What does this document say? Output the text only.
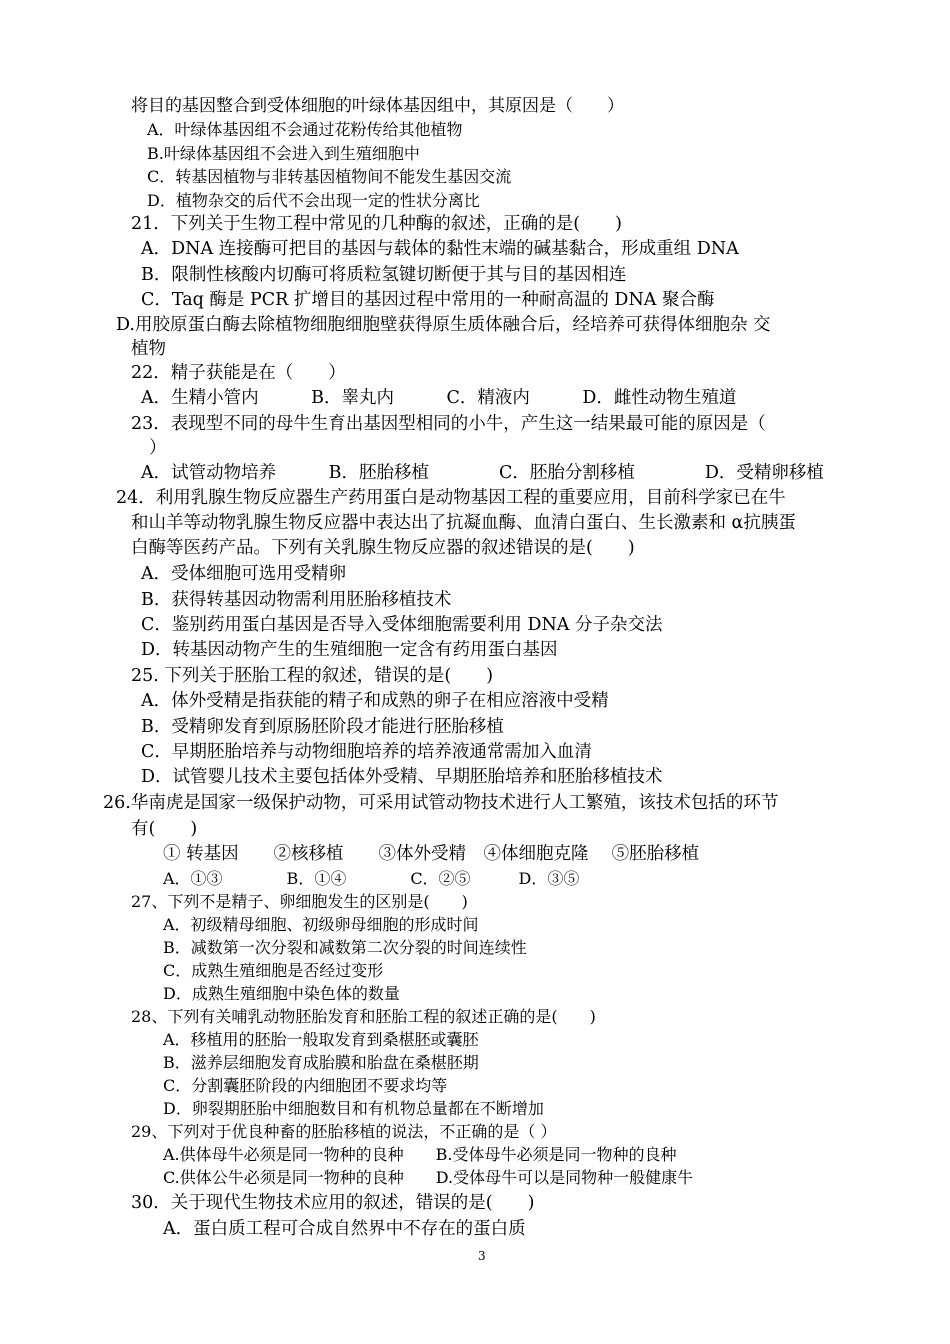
将目的基因整合到受体细胞的叶绿体基因组中，其原因是（　　）
A．叶绿体基因组不会通过花粉传给其他植物
B.叶绿体基因组不会进入到生殖细胞中
C．转基因植物与非转基因植物间不能发生基因交流
D．植物杂交的后代不会出现一定的性状分离比
21．下列关于生物工程中常见的几种酶的叙述，正确的是(　　)
A．DNA 连接酶可把目的基因与载体的黏性末端的碱基黏合，形成重组 DNA
B．限制性核酸内切酶可将质粒氢键切断便于其与目的基因相连
C．Taq 酶是 PCR 扩增目的基因过程中常用的一种耐高温的 DNA 聚合酶
D.用胶原蛋白酶去除植物细胞细胞壁获得原生质体融合后，经培养可获得体细胞杂 交
植物
22．精子获能是在（　　）
A．生精小管内　　　B．睾丸内　　　C．精液内　　　D．雌性动物生殖道
23．表现型不同的母牛生育出基因型相同的小牛，产生这一结果最可能的原因是（
）
A．试管动物培养　　　B．胚胎移植　　　　C．胚胎分割移植　　　　D．受精卵移植
24．利用乳腺生物反应器生产药用蛋白是动物基因工程的重要应用，目前科学家已在牛
和山羊等动物乳腺生物反应器中表达出了抗凝血酶、血清白蛋白、生长激素和 α抗胰蛋
白酶等医药产品。下列有关乳腺生物反应器的叙述错误的是(　　)
A．受体细胞可选用受精卵
B．获得转基因动物需利用胚胎移植技术
C．鉴别药用蛋白基因是否导入受体细胞需要利用 DNA 分子杂交法
D．转基因动物产生的生殖细胞一定含有药用蛋白基因
25. 下列关于胚胎工程的叙述，错误的是(　　)
A．体外受精是指获能的精子和成熟的卵子在相应溶液中受精
B．受精卵发育到原肠胚阶段才能进行胚胎移植
C．早期胚胎培养与动物细胞培养的培养液通常需加入血清
D．试管婴儿技术主要包括体外受精、早期胚胎培养和胚胎移植技术
26.华南虎是国家一级保护动物，可采用试管动物技术进行人工繁殖，该技术包括的环节
有(　　)
① 转基因　　②核移植　　③体外受精　④体细胞克隆　 ⑤胚胎移植
A．①③　　　　B．①④　　　　C．②⑤　　　D．③⑤
27、下列不是精子、卵细胞发生的区别是(　　)
A．初级精母细胞、初级卵母细胞的形成时间
B．减数第一次分裂和减数第二次分裂的时间连续性
C．成熟生殖细胞是否经过变形
D．成熟生殖细胞中染色体的数量
28、下列有关哺乳动物胚胎发育和胚胎工程的叙述正确的是(　　)
A．移植用的胚胎一般取发育到桑椹胚或囊胚
B．滋养层细胞发育成胎膜和胎盘在桑椹胚期
C．分割囊胚阶段的内细胞团不要求均等
D．卵裂期胚胎中细胞数目和有机物总量都在不断增加
29、下列对于优良种畜的胚胎移植的说法，不正确的是（ ）
A.供体母牛必须是同一物种的良种　　B.受体母牛必须是同一物种的良种
C.供体公牛必须是同一物种的良种　　D.受体母牛可以是同物种一般健康牛
30．关于现代生物技术应用的叙述，错误的是(　　)
A．蛋白质工程可合成自然界中不存在的蛋白质
3
